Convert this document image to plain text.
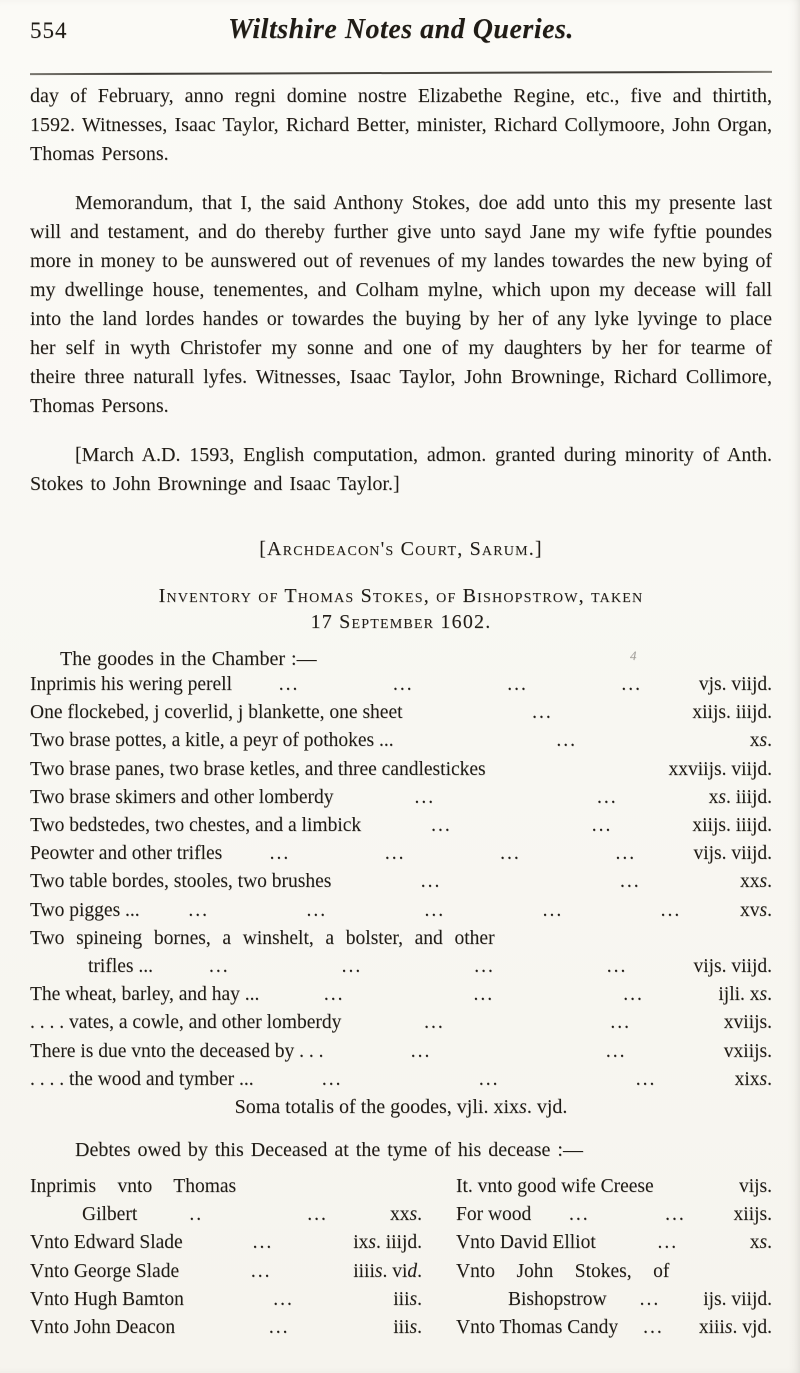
554	Wiltshire Notes and Queries.

day of February, anno regni domine nostre Elizabethe Regine, etc., five and thirtith, 1592. Witnesses, Isaac Taylor, Richard Better, minister, Richard Collymoore, John Organ, Thomas Persons.

Memorandum, that I, the said Anthony Stokes, doe add unto this my presente last will and testament, and do thereby further give unto sayd Jane my wife fyftie poundes more in money to be aunswered out of revenues of my landes towardes the new bying of my dwellinge house, tenementes, and Colham mylne, which upon my decease will fall into the land lordes handes or towardes the buying by her of any lyke lyvinge to place her self in wyth Christofer my sonne and one of my daughters by her for tearme of theire three naturall lyfes. Witnesses, Isaac Taylor, John Browninge, Richard Collimore, Thomas Persons.

[March A.D. 1593, English computation, admon. granted during minority of Anth. Stokes to John Browninge and Isaac Taylor.]

[Archdeacon's Court, Sarum.]
Inventory of Thomas Stokes, of Bishopstrow, taken
17 September 1602.
The goodes in the Chamber :—	4
Inprimis his wering perell ...	...	...	...	vjs. viijd.
One flockebed, j coverlid, j blankette, one sheet	...	xiijs. iiijd.
Two brase pottes, a kitle, a peyr of pothokes ...	...	xs.
Two brase panes, two brase ketles, and three candlestickes	xxviijs. viijd.
Two brase skimers and other lomberdy	...	...	xs. iiijd.
Two bedstedes, two chestes, and a limbick	...	...	xiijs. iiijd.
Peowter and other trifles ...	...	...	...	vijs. viijd.
Two table bordes, stooles, two brushes	...	...	xxs.
Two pigges ... ...	...	...	...	...	xvs.
Two spineing bornes, a winshelt, a bolster, and other
trifles ...	...	...	...	...	vijs. viijd.
The wheat, barley, and hay ...	...	...	...	ijli. xs.
. . . . vates, a cowle, and other lomberdy	...	...	xviijs.
There is due vnto the deceased by . . .	...	...	vxiijs.
. . . . the wood and tymber ...	...	...	...	xixs.
Soma totalis of the goodes, vjli. xixs. vjd.
Debtes owed by this Deceased at the tyme of his decease :—
Inprimis vnto Thomas
Gilbert	..	...	xxs.
Vnto Edward Slade	...	ixs. iiijd.
Vnto George Slade	...	iiiis. vid.
Vnto Hugh Bamton	...	iiis.
Vnto John Deacon	...	iiis.
It. vnto good wife Creese	vijs.
For wood ...	... xiijs.
Vnto David Elliot	...	xs.
Vnto John Stokes, of
Bishopstrow ... ijs. viijd.
Vnto Thomas Candy ... xiiis. vjd.
